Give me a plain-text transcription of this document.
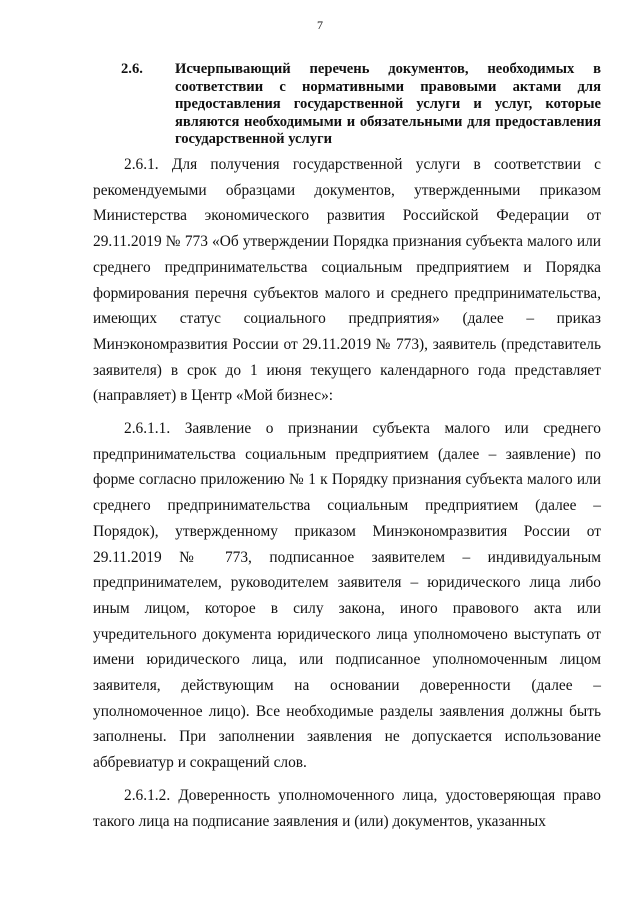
7
2.6. Исчерпывающий перечень документов, необходимых в соответствии с нормативными правовыми актами для предоставления государственной услуги и услуг, которые являются необходимыми и обязательными для предоставления государственной услуги

2.6.1. Для получения государственной услуги в соответствии с рекомендуемыми образцами документов, утвержденными приказом Министерства экономического развития Российской Федерации от 29.11.2019 № 773 «Об утверждении Порядка признания субъекта малого или среднего предпринимательства социальным предприятием и Порядка формирования перечня субъектов малого и среднего предпринимательства, имеющих статус социального предприятия» (далее – приказ Минэкономразвития России от 29.11.2019 № 773), заявитель (представитель заявителя) в срок до 1 июня текущего календарного года представляет (направляет) в Центр «Мой бизнес»:

2.6.1.1. Заявление о признании субъекта малого или среднего предпринимательства социальным предприятием (далее – заявление) по форме согласно приложению № 1 к Порядку признания субъекта малого или среднего предпринимательства социальным предприятием (далее – Порядок), утвержденному приказом Минэкономразвития России от 29.11.2019 № 773, подписанное заявителем – индивидуальным предпринимателем, руководителем заявителя – юридического лица либо иным лицом, которое в силу закона, иного правового акта или учредительного документа юридического лица уполномочено выступать от имени юридического лица, или подписанное уполномоченным лицом заявителя, действующим на основании доверенности (далее – уполномоченное лицо). Все необходимые разделы заявления должны быть заполнены. При заполнении заявления не допускается использование аббревиатур и сокращений слов.

2.6.1.2. Доверенность уполномоченного лица, удостоверяющая право такого лица на подписание заявления и (или) документов, указанных
